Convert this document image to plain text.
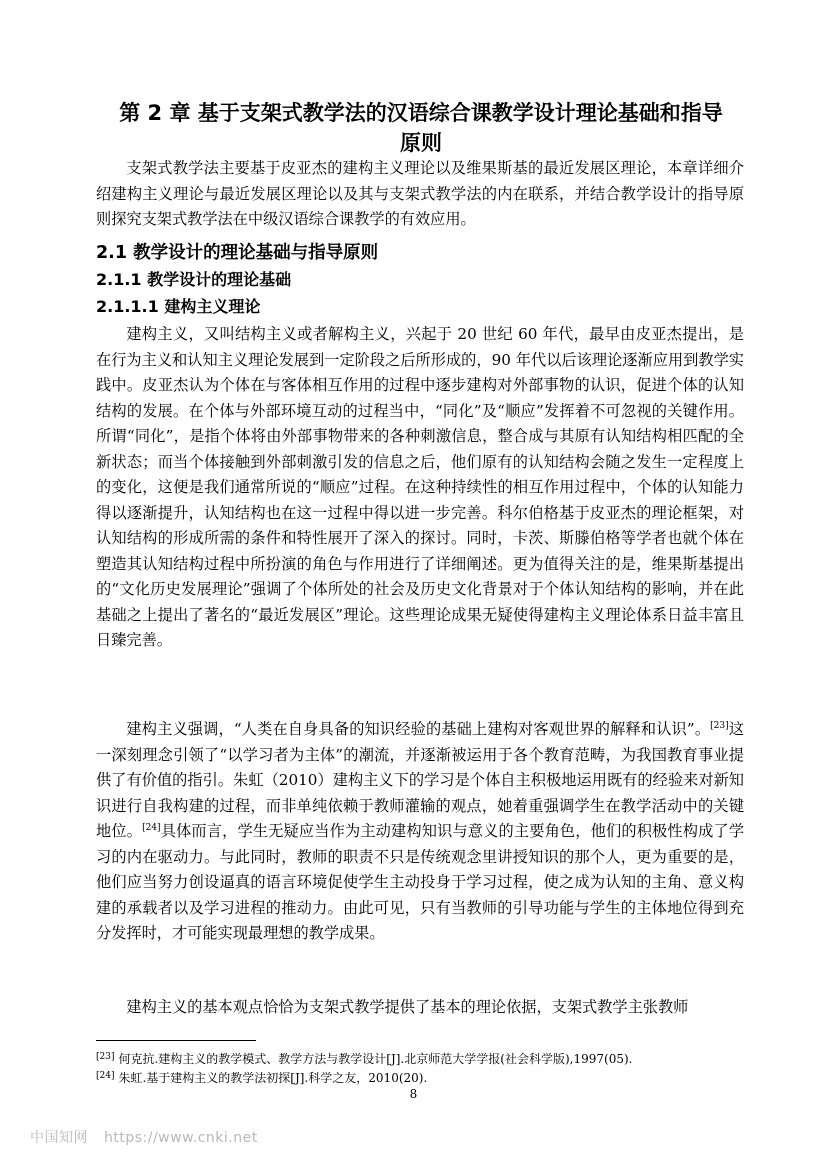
第 2 章 基于支架式教学法的汉语综合课教学设计理论基础和指导
原则

支架式教学法主要基于皮亚杰的建构主义理论以及维果斯基的最近发展区理论，本章详细介绍建构主义理论与最近发展区理论以及其与支架式教学法的内在联系，并结合教学设计的指导原则探究支架式教学法在中级汉语综合课教学的有效应用。

2.1 教学设计的理论基础与指导原则
2.1.1 教学设计的理论基础
2.1.1.1 建构主义理论

建构主义，又叫结构主义或者解构主义，兴起于 20 世纪 60 年代，最早由皮亚杰提出，是在行为主义和认知主义理论发展到一定阶段之后所形成的，90 年代以后该理论逐渐应用到教学实践中。皮亚杰认为个体在与客体相互作用的过程中逐步建构对外部事物的认识，促进个体的认知结构的发展。在个体与外部环境互动的过程当中，“同化”及“顺应”发挥着不可忽视的关键作用。所谓“同化”，是指个体将由外部事物带来的各种刺激信息，整合成与其原有认知结构相匹配的全新状态；而当个体接触到外部刺激引发的信息之后，他们原有的认知结构会随之发生一定程度上的变化，这便是我们通常所说的“顺应”过程。在这种持续性的相互作用过程中，个体的认知能力得以逐渐提升，认知结构也在这一过程中得以进一步完善。科尔伯格基于皮亚杰的理论框架，对认知结构的形成所需的条件和特性展开了深入的探讨。同时，卡茨、斯滕伯格等学者也就个体在塑造其认知结构过程中所扮演的角色与作用进行了详细阐述。更为值得关注的是，维果斯基提出的“文化历史发展理论”强调了个体所处的社会及历史文化背景对于个体认知结构的影响，并在此基础之上提出了著名的“最近发展区”理论。这些理论成果无疑使得建构主义理论体系日益丰富且日臻完善。

建构主义强调，“人类在自身具备的知识经验的基础上建构对客观世界的解释和认识”。[23]这一深刻理念引领了“以学习者为主体”的潮流，并逐渐被运用于各个教育范畴，为我国教育事业提供了有价值的指引。朱虹（2010）建构主义下的学习是个体自主积极地运用既有的经验来对新知识进行自我构建的过程，而非单纯依赖于教师灌输的观点，她着重强调学生在教学活动中的关键地位。[24]具体而言，学生无疑应当作为主动建构知识与意义的主要角色，他们的积极性构成了学习的内在驱动力。与此同时，教师的职责不只是传统观念里讲授知识的那个人，更为重要的是，他们应当努力创设逼真的语言环境促使学生主动投身于学习过程，使之成为认知的主角、意义构建的承载者以及学习进程的推动力。由此可见，只有当教师的引导功能与学生的主体地位得到充分发挥时，才可能实现最理想的教学成果。

建构主义的基本观点恰恰为支架式教学提供了基本的理论依据，支架式教学主张教师

[23] 何克抗.建构主义的教学模式、教学方法与教学设计[J].北京师范大学学报(社会科学版),1997(05).

[24] 朱虹.基于建构主义的教学法初探[J].科学之友，2010(20).

8
中国知网 https://www.cnki.net
